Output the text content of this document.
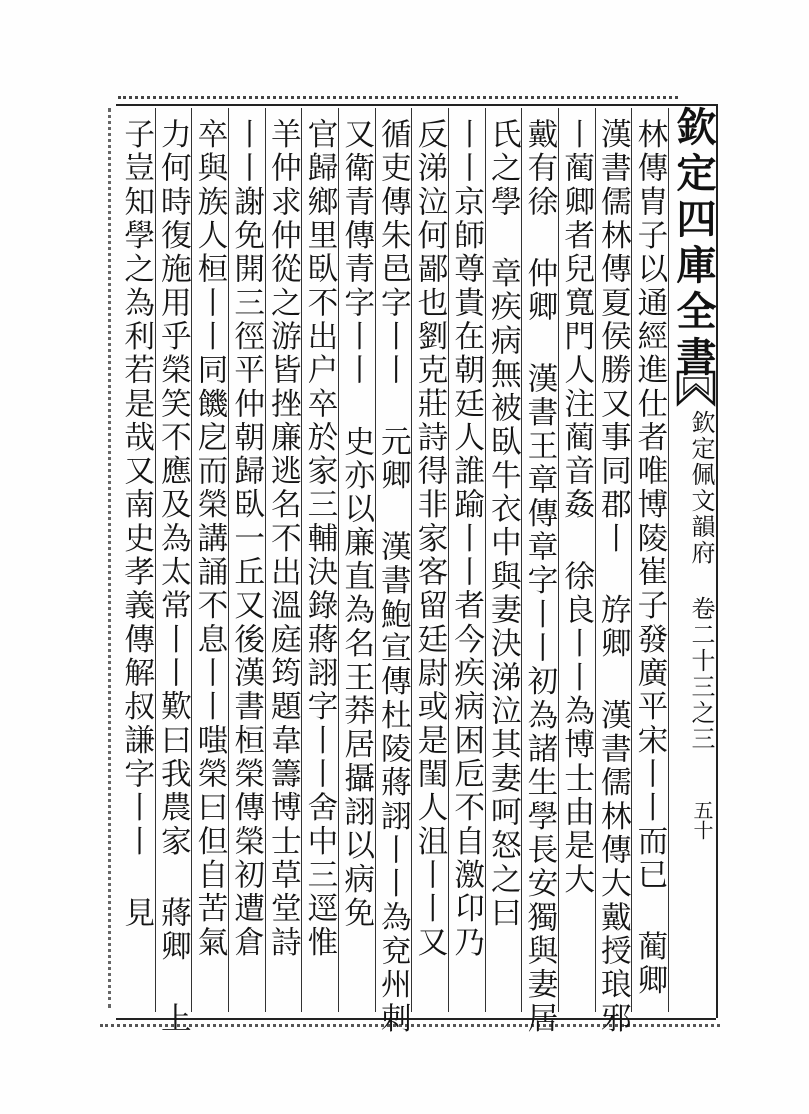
欽定四庫全書
欽定佩文韻府 卷二十三之三
五十
林傳胄子以通經進仕者唯博陵崔子發廣平宋丨丨而已 蔺卿
漢書儒林傳夏侯勝又事同郡丨 斿卿 漢書儒林傳大戴授琅邪
丨蔺卿者兒寬門人注蔺音姦 徐良丨丨為博士由是大
戴有徐 仲卿 漢書王章傳章字丨丨初為諸生學長安獨與妻居
氏之學 章疾病無被臥牛衣中與妻決涕泣其妻呵怒之曰
丨丨京師尊貴在朝廷人誰踰丨丨者今疾病困卮不自激卬乃
反涕泣何鄙也劉克莊詩得非家客留廷尉或是閨人沮丨丨又
循吏傳朱邑字丨丨 元卿 漢書鮑宣傳杜陵蔣詡丨丨為兗州刺
又衛青傳青字丨丨 史亦以廉直為名王莽居攝詡以病免
官歸鄉里臥不出户卒於家三輔決錄蔣詡字丨丨舍中三逕惟
羊仲求仲從之游皆挫廉逃名不出溫庭筠題韋籌博士草堂詩
丨丨謝免開三徑平仲朝歸臥一丘又後漢書桓榮傳榮初遭倉
卒與族人桓丨丨同饑戹而榮講誦不息丨丨嗤榮曰但自苦氣
力何時復施用乎榮笑不應及為太常丨丨歎曰我農家 蔣卿 上
子豈知學之為利若是哉又南史孝義傳解叔謙字丨丨 見
